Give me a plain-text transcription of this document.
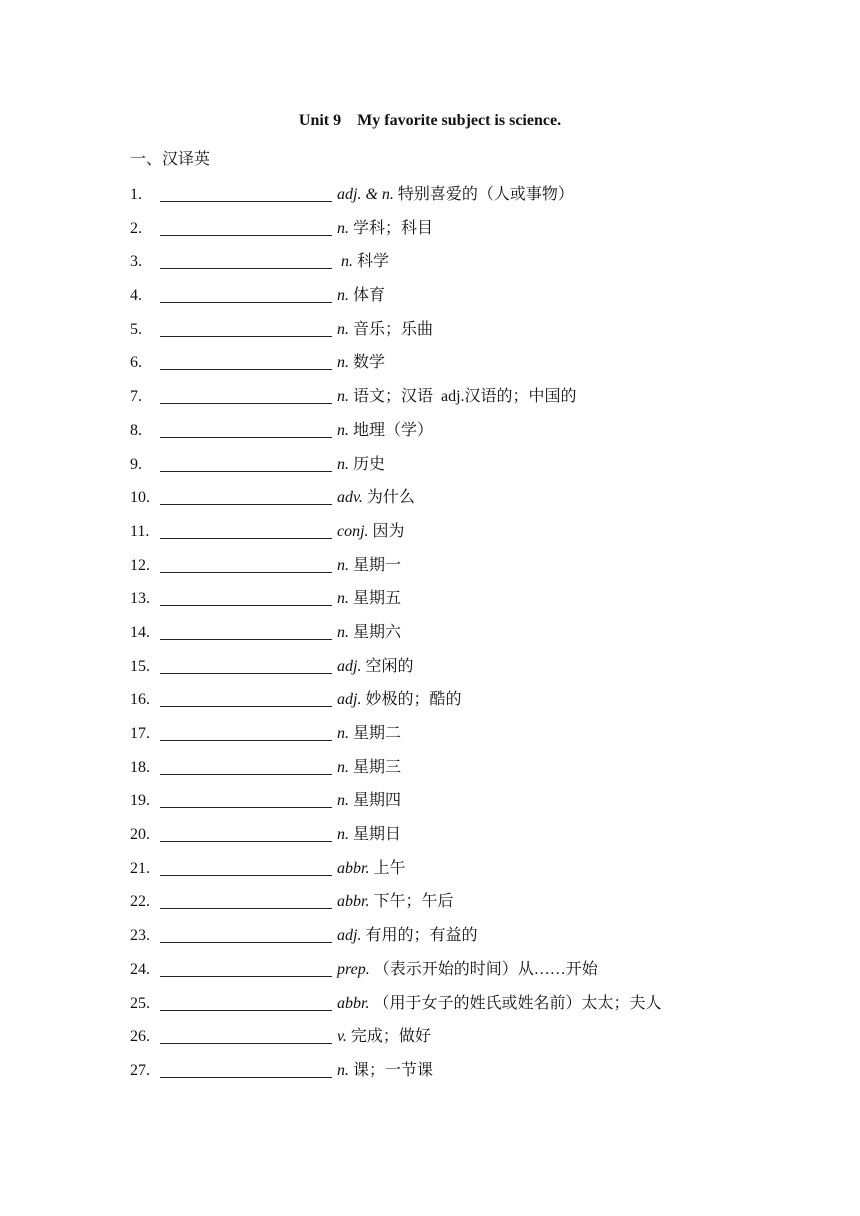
Unit 9    My favorite subject is science.
一、汉译英
1.	adj. & n. 特别喜爱的（人或事物）
2.	n. 学科；科目
3.	n. 科学
4.	n. 体育
5.	n. 音乐；乐曲
6.	n. 数学
7.	n. 语文；汉语  adj.汉语的；中国的
8.	n. 地理（学）
9.	n. 历史
10.	adv. 为什么
11.	conj. 因为
12.	n. 星期一
13.	n. 星期五
14.	n. 星期六
15.	adj. 空闲的
16.	adj. 妙极的；酷的
17.	n. 星期二
18.	n. 星期三
19.	n. 星期四
20.	n. 星期日
21.	abbr. 上午
22.	abbr. 下午；午后
23.	adj. 有用的；有益的
24.	prep. （表示开始的时间）从……开始
25.	abbr. （用于女子的姓氏或姓名前）太太；夫人
26.	v. 完成；做好
27.	n. 课；一节课
